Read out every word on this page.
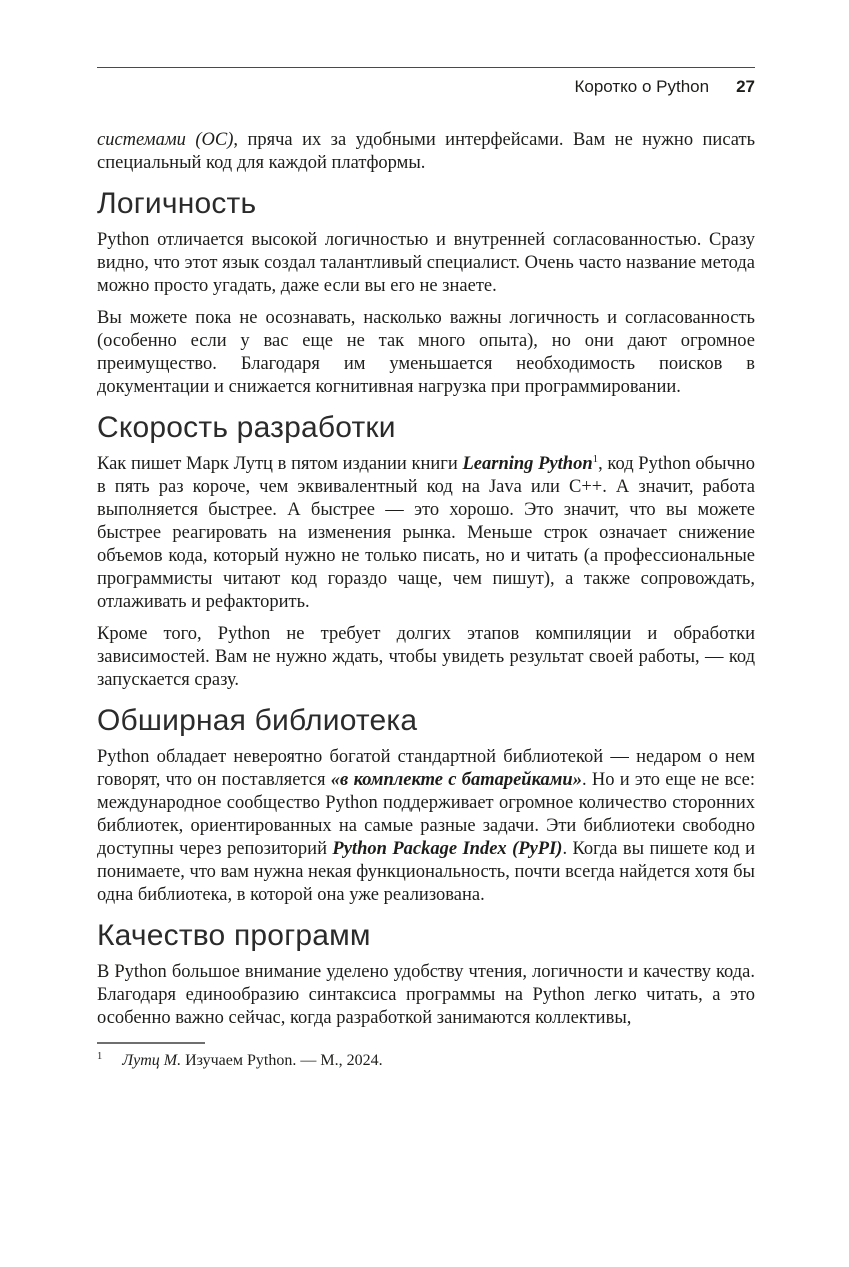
Коротко о Python 27

системами (ОС), пряча их за удобными интерфейсами. Вам не нужно писать специальный код для каждой платформы.

Логичность

Python отличается высокой логичностью и внутренней согласованностью. Сразу видно, что этот язык создал талантливый специалист. Очень часто название метода можно просто угадать, даже если вы его не знаете.

Вы можете пока не осознавать, насколько важны логичность и согласованность (особенно если у вас еще не так много опыта), но они дают огромное преимущество. Благодаря им уменьшается необходимость поисков в документации и снижается когнитивная нагрузка при программировании.

Скорость разработки

Как пишет Марк Лутц в пятом издании книги Learning Python$^1$, код Python обычно в пять раз короче, чем эквивалентный код на Java или C++. А значит, работа выполняется быстрее. А быстрее — это хорошо. Это значит, что вы можете быстрее реагировать на изменения рынка. Меньше строк означает снижение объемов кода, который нужно не только писать, но и читать (а профессиональные программисты читают код гораздо чаще, чем пишут), а также сопровождать, отлаживать и рефакторить.

Кроме того, Python не требует долгих этапов компиляции и обработки зависимостей. Вам не нужно ждать, чтобы увидеть результат своей работы, — код запускается сразу.

Обширная библиотека

Python обладает невероятно богатой стандартной библиотекой — недаром о нем говорят, что он поставляется «в комплекте с батарейками». Но и это еще не все: международное сообщество Python поддерживает огромное количество сторонних библиотек, ориентированных на самые разные задачи. Эти библиотеки свободно доступны через репозиторий Python Package Index (PyPI). Когда вы пишете код и понимаете, что вам нужна некая функциональность, почти всегда найдется хотя бы одна библиотека, в которой она уже реализована.

Качество программ

В Python большое внимание уделено удобству чтения, логичности и качеству кода. Благодаря единообразию синтаксиса программы на Python легко читать, а это особенно важно сейчас, когда разработкой занимаются коллективы,

$^1$ Лутц М. Изучаем Python. — М., 2024.
